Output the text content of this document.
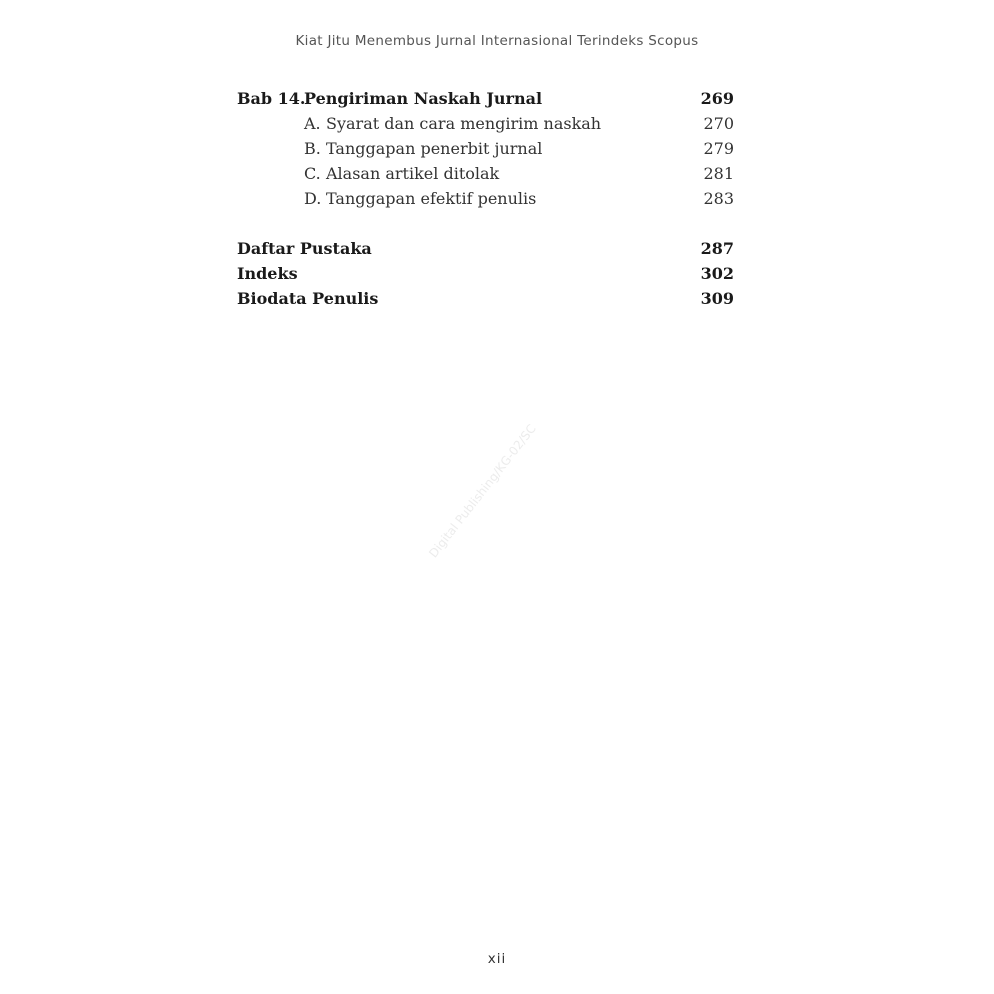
Kiat Jitu Menembus Jurnal Internasional Terindeks Scopus
Bab 14.Pengiriman Naskah Jurnal	269
A. Syarat dan cara mengirim naskah	270
B. Tanggapan penerbit jurnal	279
C. Alasan artikel ditolak	281
D. Tanggapan efektif penulis	283
Daftar Pustaka	287
Indeks	302
Biodata Penulis	309
Digital Publishing/KG-02/SC
xii
